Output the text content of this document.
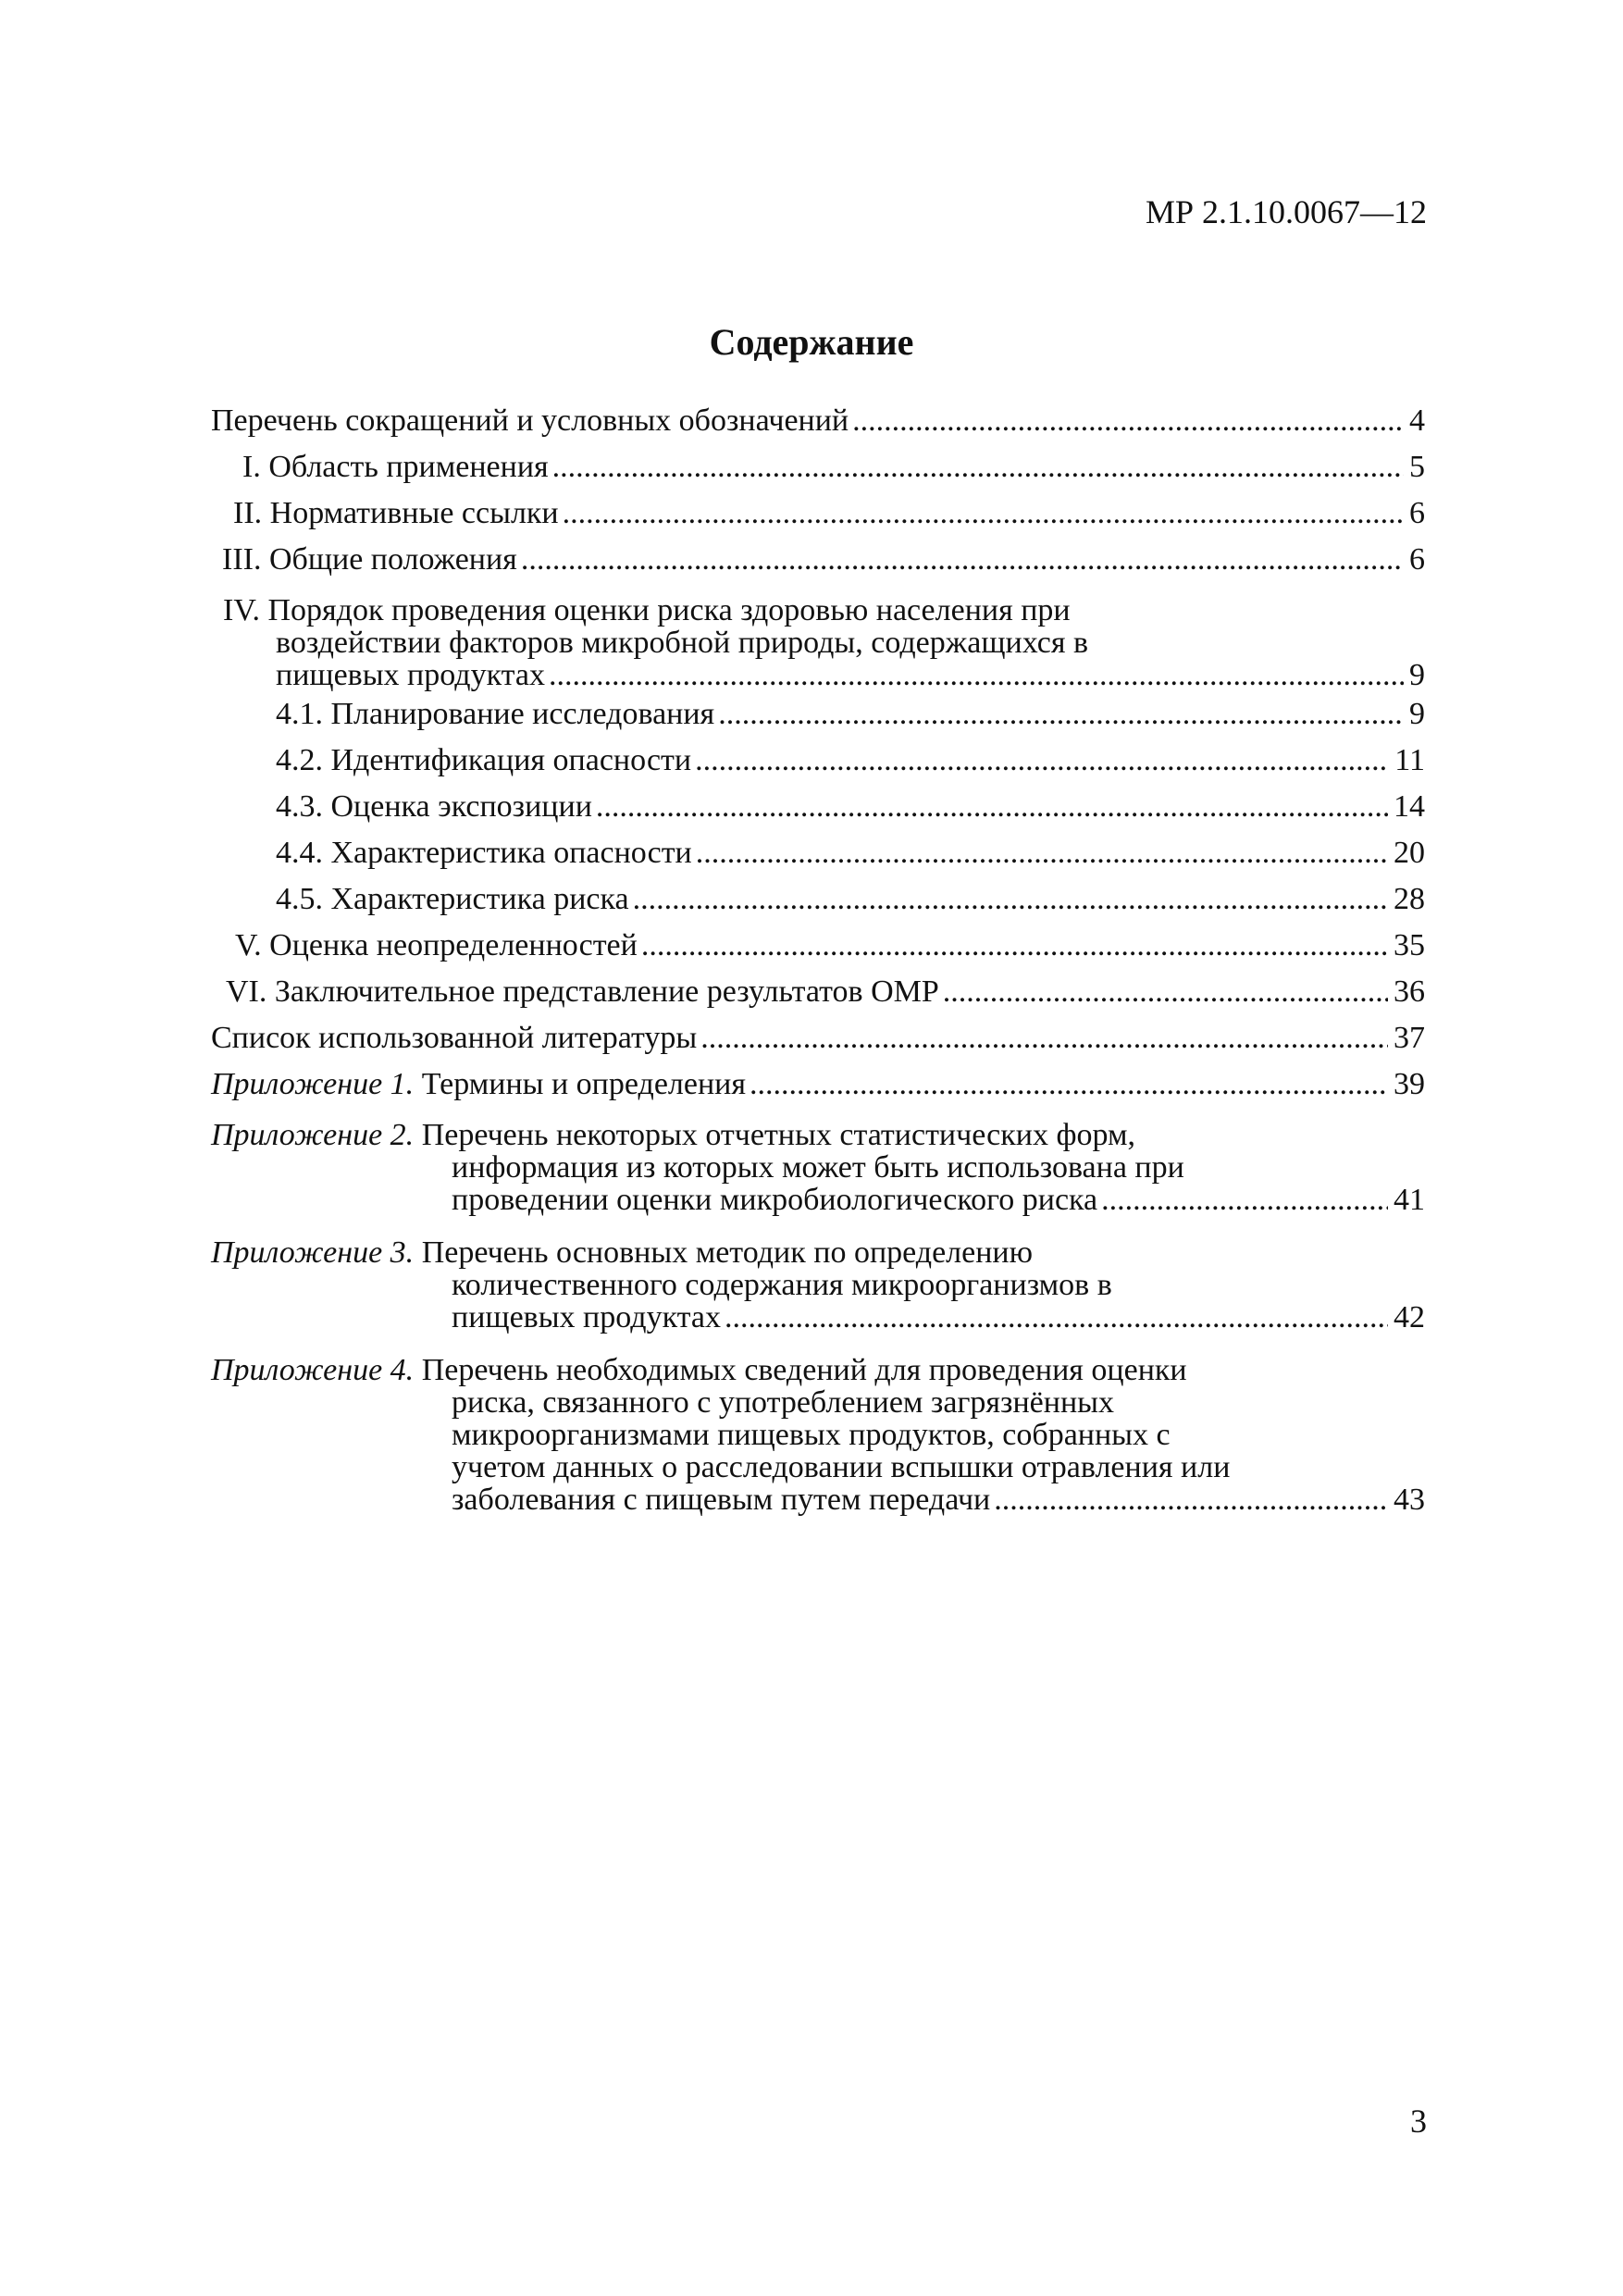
МР 2.1.10.0067—12
Содержание
Перечень сокращений и условных обозначений .....	4
I. Область применения .....	5
II. Нормативные ссылки .....	6
III. Общие положения .....	6
IV. Порядок проведения оценки риска здоровью населения при
воздействии факторов микробной природы, содержащихся в
пищевых продуктах .....	9
4.1. Планирование исследования .....	9
4.2. Идентификация опасности .....	11
4.3. Оценка экспозиции .....	14
4.4. Характеристика опасности .....	20
4.5. Характеристика риска .....	28
V. Оценка неопределенностей .....	35
VI. Заключительное представление результатов ОМР .....	36
Список использованной литературы .....	37
Приложение 1. Термины и определения .....	39
Приложение 2. Перечень некоторых отчетных статистических форм,
информация из которых может быть использована при
проведении оценки микробиологического риска .....	41
Приложение 3. Перечень основных методик по определению
количественного содержания микроорганизмов в
пищевых продуктах .....	42
Приложение 4. Перечень необходимых сведений для проведения оценки
риска, связанного с употреблением загрязнённых
микроорганизмами пищевых продуктов, собранных с
учетом данных о расследовании вспышки отравления или
заболевания с пищевым путем передачи .....	43
3
